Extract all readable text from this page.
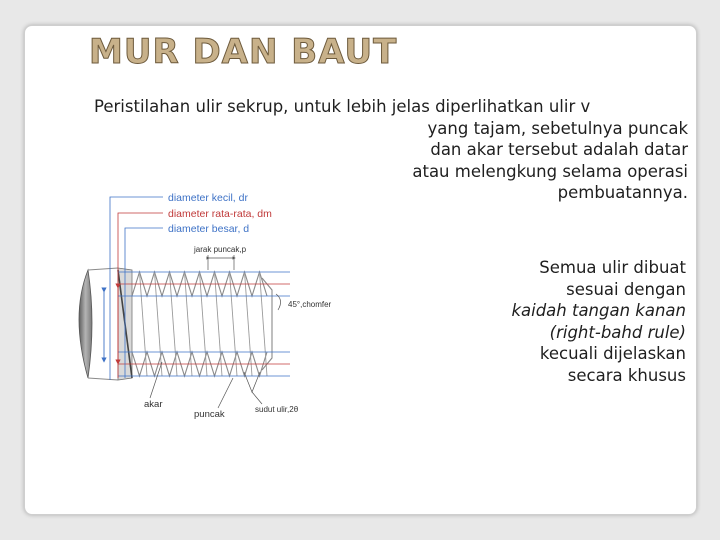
MUR DAN BAUT
Peristilahan ulir sekrup, untuk lebih jelas diperlihatkan ulir v
yang tajam, sebetulnya puncak
dan akar tersebut adalah datar
atau melengkung selama operasi
pembuatannya.
Semua ulir dibuat
sesuai dengan
kaidah tangan kanan
(right-bahd rule)
kecuali dijelaskan
secara khusus
diameter kecil, dr
diameter rata-rata, dm
diameter besar, d
jarak puncak,p
45°,chomfer
akar
puncak	sudut ulir,2θ
